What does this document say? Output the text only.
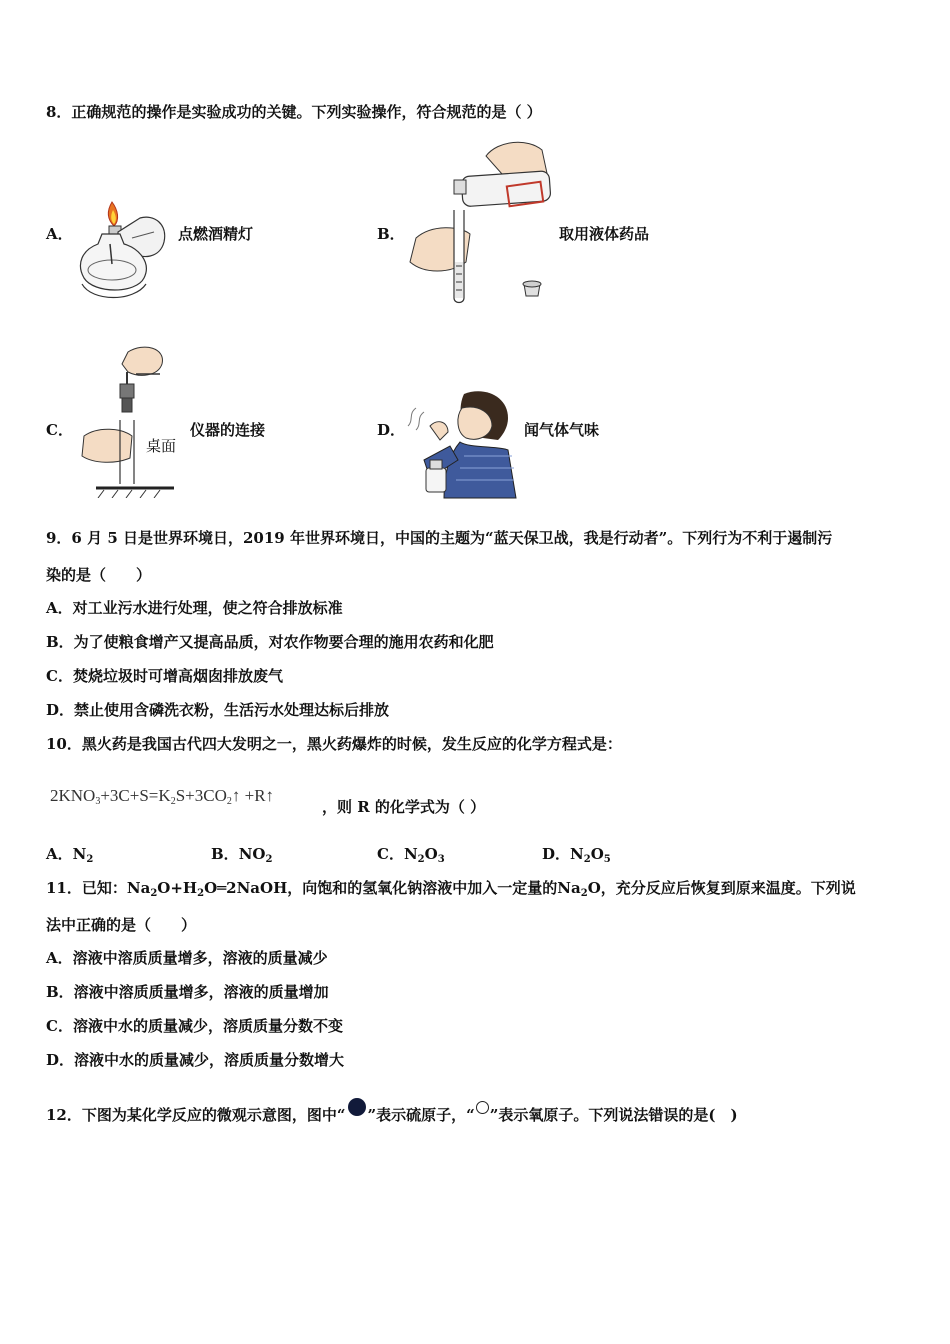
8．正确规范的操作是实验成功的关键。下列实验操作，符合规范的是（ ）
A．	点燃酒精灯	B．	取用液体药品
C．	仪器的连接
桌面
D．	闻气体气味
9．6 月 5 日是世界环境日，2019 年世界环境日，中国的主题为“蓝天保卫战，我是行动者”。下列行为不利于遏制污
染的是（　　）
A．对工业污水进行处理，使之符合排放标准
B．为了使粮食增产又提高品质，对农作物要合理的施用农药和化肥
C．焚烧垃圾时可增高烟囱排放废气
D．禁止使用含磷洗衣粉，生活污水处理达标后排放
10．黑火药是我国古代四大发明之一，黑火药爆炸的时候，发生反应的化学方程式是：
$2KNO_3+3C+S=K_2S+3CO_2↑$ +R↑
，则 R 的化学式为（ ）
A．$N_2$	B．$NO_2$	C．$N_2O_3$	D．$N_2O_5$
11．已知：$Na_2O+H_2O═2NaOH$，向饱和的氢氧化钠溶液中加入一定量的$Na_2O$，充分反应后恢复到原来温度。下列说
法中正确的是（　　）
A．溶液中溶质质量增多，溶液的质量减少
B．溶液中溶质质量增多，溶液的质量增加
C．溶液中水的质量减少，溶质质量分数不变
D．溶液中水的质量减少，溶质质量分数增大
12．下图为某化学反应的微观示意图，图中“ ”表示硫原子，“ ”表示氧原子。下列说法错误的是(　)
